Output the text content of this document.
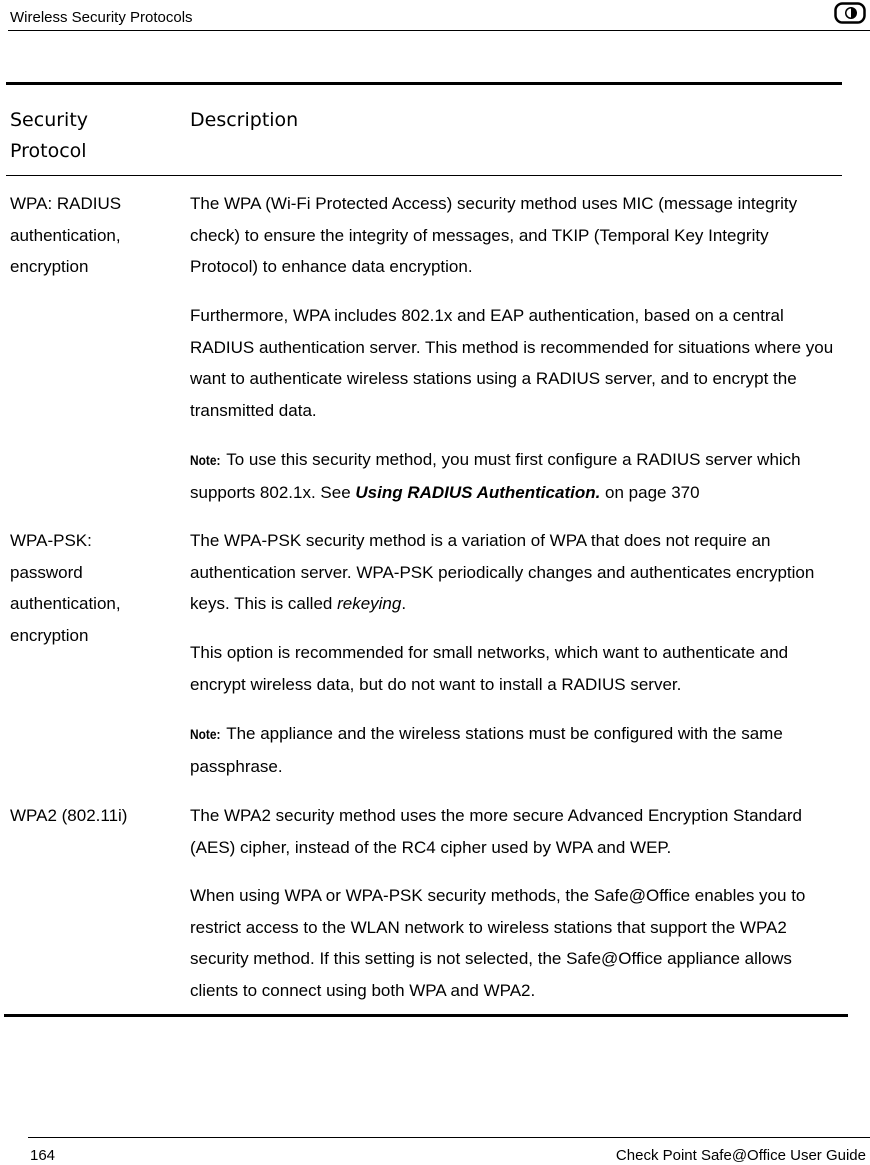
Wireless Security Protocols
Security
Protocol
Description
WPA: RADIUS
authentication,
encryption
The WPA (Wi-Fi Protected Access) security method uses MIC (message integrity check) to ensure the integrity of messages, and TKIP (Temporal Key Integrity Protocol) to enhance data encryption.
Furthermore, WPA includes 802.1x and EAP authentication, based on a central RADIUS authentication server. This method is recommended for situations where you want to authenticate wireless stations using a RADIUS server, and to encrypt the transmitted data.
Note: To use this security method, you must first configure a RADIUS server which supports 802.1x. See Using RADIUS Authentication. on page 370
WPA-PSK:
password
authentication,
encryption
The WPA-PSK security method is a variation of WPA that does not require an authentication server. WPA-PSK periodically changes and authenticates encryption keys. This is called rekeying.
This option is recommended for small networks, which want to authenticate and encrypt wireless data, but do not want to install a RADIUS server.
Note: The appliance and the wireless stations must be configured with the same passphrase.
WPA2 (802.11i)	The WPA2 security method uses the more secure Advanced Encryption Standard (AES) cipher, instead of the RC4 cipher used by WPA and WEP.
When using WPA or WPA-PSK security methods, the Safe@Office enables you to restrict access to the WLAN network to wireless stations that support the WPA2 security method. If this setting is not selected, the Safe@Office appliance allows clients to connect using both WPA and WPA2.
164	Check Point Safe@Office User Guide
